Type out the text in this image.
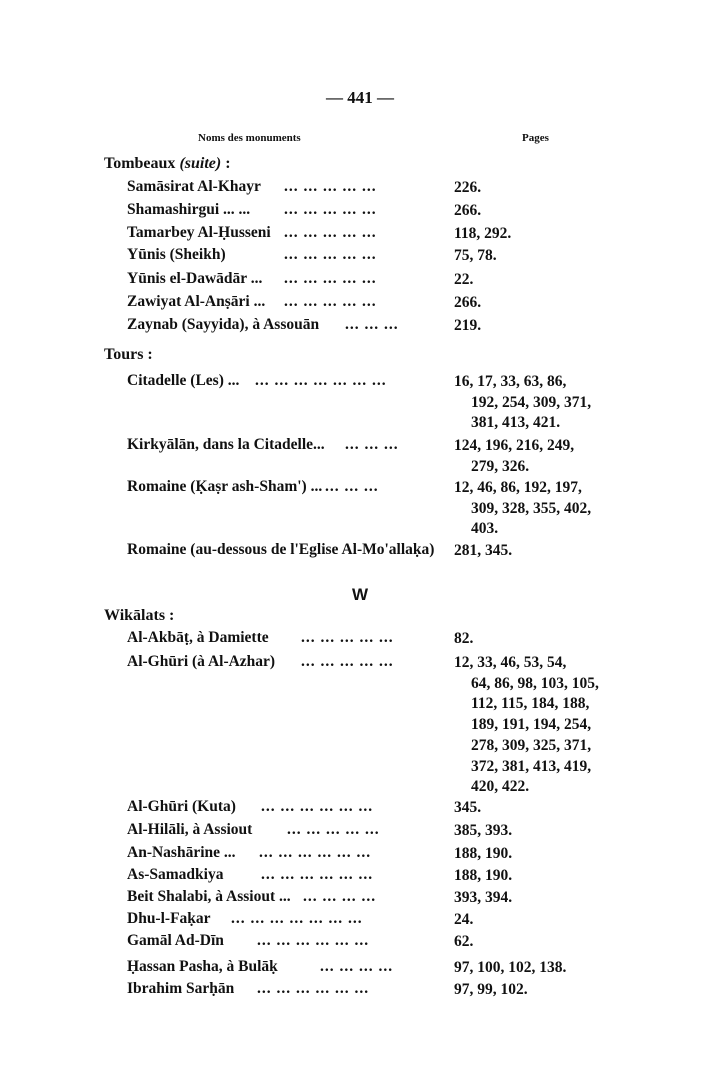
— 441 —
Noms des monuments	Pages
Tombeaux (suite) :
Tours :
W
Wikālats :
Samāsirat Al-Khayr ... ... ... ... ...	226.
Shamashirgui ... ... ... ... ... ... ...	266.
Tamarbey Al-Ḥusseni ... ... ... ... ...	118, 292.
Yūnis (Sheikh)	... ... ... ... ...	75, 78.
Yūnis el-Dawādār ... ... ... ... ... ...	22.
Zawiyat Al-Anṣāri ... ... ... ... ... ...	266.
Zaynab (Sayyida), à Assouān ... ... ...	219.
Citadelle (Les) ... ... ... ... ... ... ... ...	16, 17, 33, 63, 86,
192, 254, 309, 371,
381, 413, 421.
Kirkyālān, dans la Citadelle... ... ... ...	124, 196, 216, 249,
279, 326.
Romaine (Ḳaṣr ash-Sham') ... ... ... ...	12, 46, 86, 192, 197,
309, 328, 355, 402,
403.
Romaine (au-dessous de l'Eglise Al-Mo'allaḳa) 281, 345.
Al-Akbāṭ, à Damiette ... ... ... ... ...	82.
Al-Ghūri (à Al-Azhar) ... ... ... ... ...	12, 33, 46, 53, 54,
64, 86, 98, 103, 105,
112, 115, 184, 188,
189, 191, 194, 254,
278, 309, 325, 371,
372, 381, 413, 419,
420, 422.
Al-Ghūri (Kuta) ... ... ... ... ... ...	345.
Al-Hilāli, à Assiout ... ... ... ... ...	385, 393.
An-Nashārine ... ... ... ... ... ... ...	188, 190.
As-Samadkiya ... ... ... ... ... ...	188, 190.
Beit Shalabi, à Assiout ... ... ... ... ...	393, 394.
Dhu-l-Faḳar ... ... ... ... ... ... ...	24.
Gamāl Ad-Dīn ... ... ... ... ... ...	62.
Ḥassan Pasha, à Bulāḳ	... ... ... ...	97, 100, 102, 138.
Ibrahim Sarḥān ... ... ... ... ... ...	97, 99, 102.
